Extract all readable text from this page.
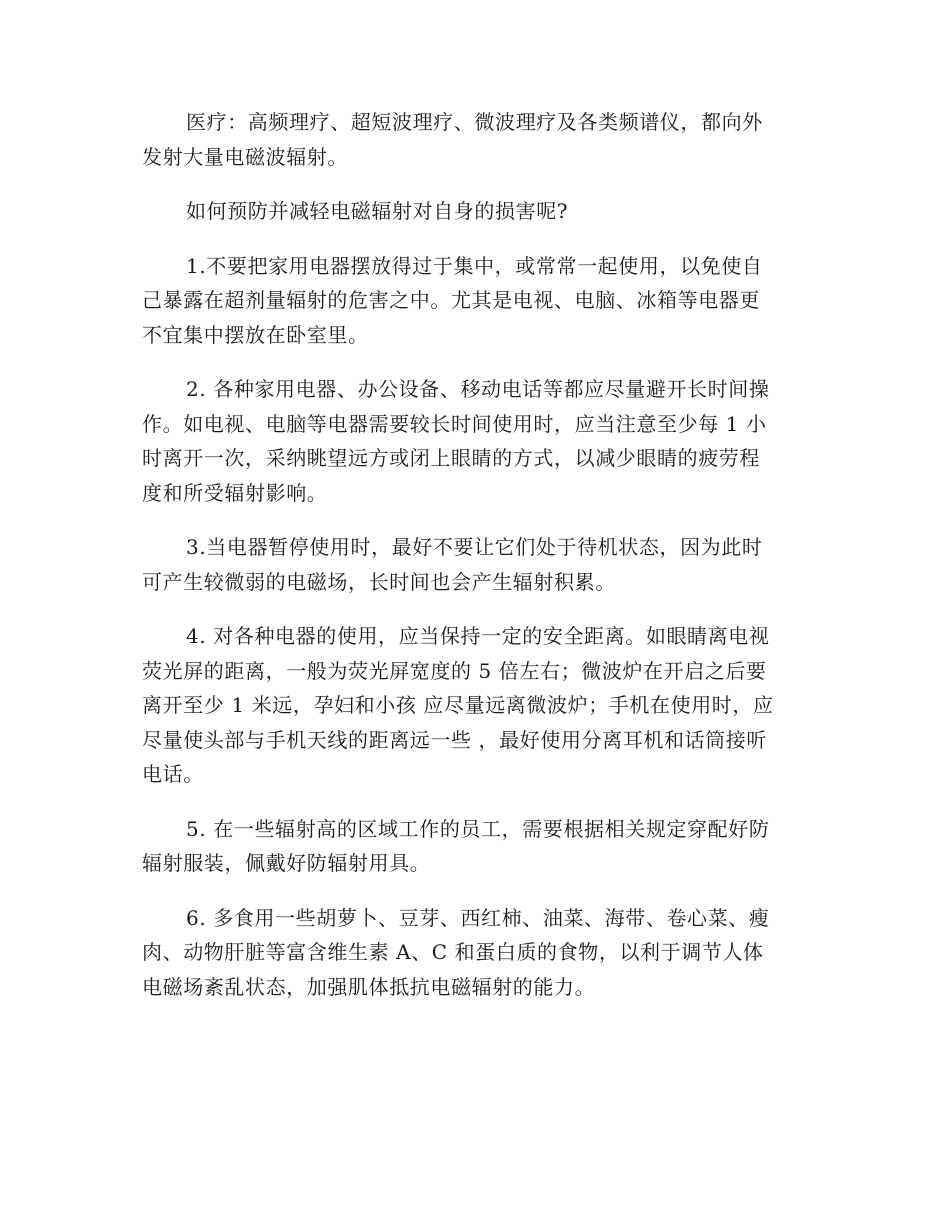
医疗：高频理疗、超短波理疗、微波理疗及各类频谱仪，都向外
发射大量电磁波辐射。

如何预防并减轻电磁辐射对自身的损害呢?

1.不要把家用电器摆放得过于集中，或常常一起使用，以免使自
己暴露在超剂量辐射的危害之中。尤其是电视、电脑、冰箱等电器更
不宜集中摆放在卧室里。

2. 各种家用电器、办公设备、移动电话等都应尽量避开长时间操
作。如电视、电脑等电器需要较长时间使用时，应当注意至少每 1 小
时离开一次，采纳眺望远方或闭上眼睛的方式，以减少眼睛的疲劳程
度和所受辐射影响。

3.当电器暂停使用时，最好不要让它们处于待机状态，因为此时
可产生较微弱的电磁场，长时间也会产生辐射积累。

4. 对各种电器的使用，应当保持一定的安全距离。如眼睛离电视
荧光屏的距离，一般为荧光屏宽度的 5 倍左右；微波炉在开启之后要
离开至少 1 米远，孕妇和小孩 应尽量远离微波炉；手机在使用时，应
尽量使头部与手机天线的距离远一些 ，最好使用分离耳机和话筒接听
电话。

5. 在一些辐射高的区域工作的员工，需要根据相关规定穿配好防
辐射服装，佩戴好防辐射用具。

6. 多食用一些胡萝卜、豆芽、西红柿、油菜、海带、卷心菜、瘦
肉、动物肝脏等富含维生素 A、C 和蛋白质的食物，以利于调节人体
电磁场紊乱状态，加强肌体抵抗电磁辐射的能力。
